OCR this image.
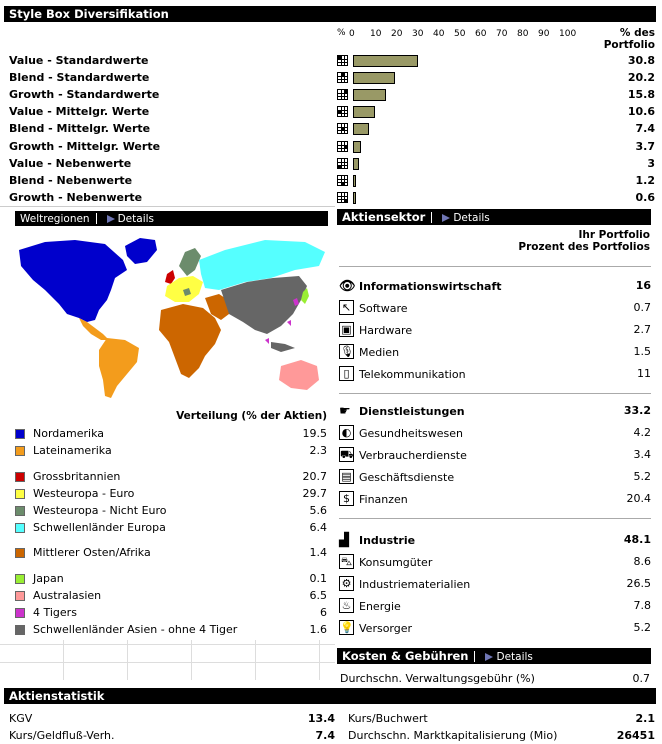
Style Box Diversifikation
% 0 10 20 30 40 50 60 70 80 90 100	% des
Portfolio
Value - Standardwerte	30.8
Blend - Standardwerte	20.2
Growth - Standardwerte	15.8
Value - Mittelgr. Werte	10.6
Blend - Mittelgr. Werte	7.4
Growth - Mittelgr. Werte	3.7
Value - Nebenwerte	3
Blend - Nebenwerte	1.2
Growth - Nebenwerte	0.6
Weltregionen	Details
Verteilung (% der Aktien)
Nordamerika	19.5
Lateinamerika	2.3
Grossbritannien	20.7
Westeuropa - Euro	29.7
Westeuropa - Nicht Euro	5.6
Schwellenländer Europa	6.4
Mittlerer Osten/Afrika	1.4
Japan	0.1
Australasien	6.5
4 Tigers	6
Schwellenländer Asien - ohne 4 Tiger	1.6
Aktiensektor	Details
Ihr Portfolio
Prozent des Portfolios
👁 Informationswirtschaft	16
↖ Software	0.7
▣ Hardware	2.7
🎙 Medien	1.5
▯ Telekommunikation	11
☛ Dienstleistungen	33.2
◐ Gesundheitswesen	4.2
⛟ Verbraucherdienste	3.4
▤ Geschäftsdienste	5.2
$ Finanzen	20.4
▟ Industrie	48.1
⛍ Konsumgüter	8.6
⚙ Industriematerialien	26.5
♨ Energie	7.8
💡 Versorger	5.2
Kosten & Gebühren	Details
Durchschn. Verwaltungsgebühr (%)	0.7
Aktienstatistik
KGV	13.4
Kurs/Geldfluß-Verh.	7.4
Kurs/Buchwert	2.1
Durchschn. Marktkapitalisierung (Mio)	26451
